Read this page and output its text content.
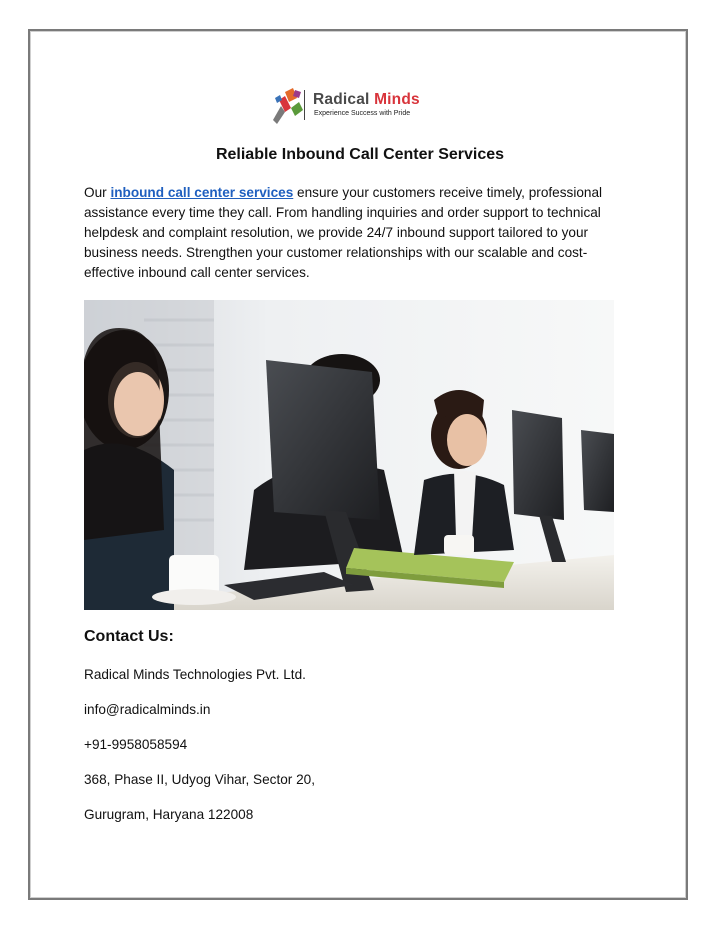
Radical Minds
Experience Success with Pride
Reliable Inbound Call Center Services
Our inbound call center services ensure your customers receive timely, professional assistance every time they call. From handling inquiries and order support to technical helpdesk and complaint resolution, we provide 24/7 inbound support tailored to your business needs. Strengthen your customer relationships with our scalable and cost-effective inbound call center services.
Contact Us:
Radical Minds Technologies Pvt. Ltd.
info@radicalminds.in
+91-9958058594
368, Phase II, Udyog Vihar, Sector 20,
Gurugram, Haryana 122008
